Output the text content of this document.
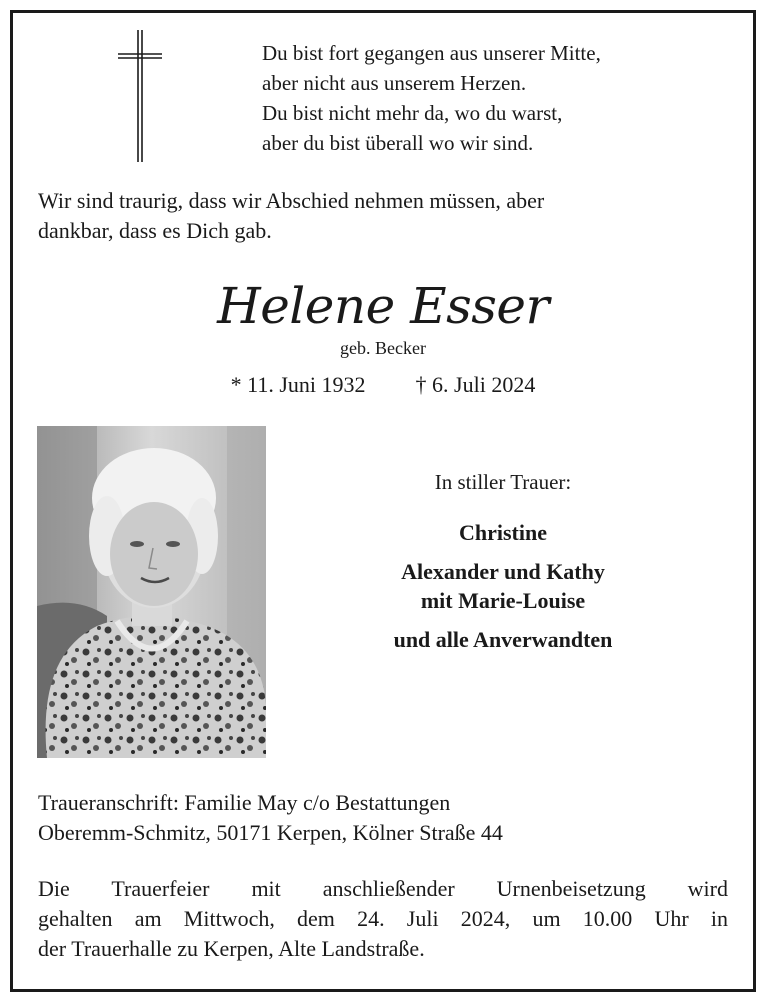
Du bist fort gegangen aus unserer Mitte,
aber nicht aus unserem Herzen.
Du bist nicht mehr da, wo du warst,
aber du bist überall wo wir sind.
Wir sind traurig, dass wir Abschied nehmen müssen, aber
dankbar, dass es Dich gab.
Helene Esser
geb. Becker
* 11. Juni 1932 † 6. Juli 2024
In stiller Trauer:
Christine
Alexander und Kathy
mit Marie-Louise
und alle Anverwandten
Traueranschrift: Familie May c/o Bestattungen
Oberemm-Schmitz, 50171 Kerpen, Kölner Straße 44
Die Trauerfeier mit anschließender Urnenbeisetzung wird
gehalten am Mittwoch, dem 24. Juli 2024, um 10.00 Uhr in
der Trauerhalle zu Kerpen, Alte Landstraße.
